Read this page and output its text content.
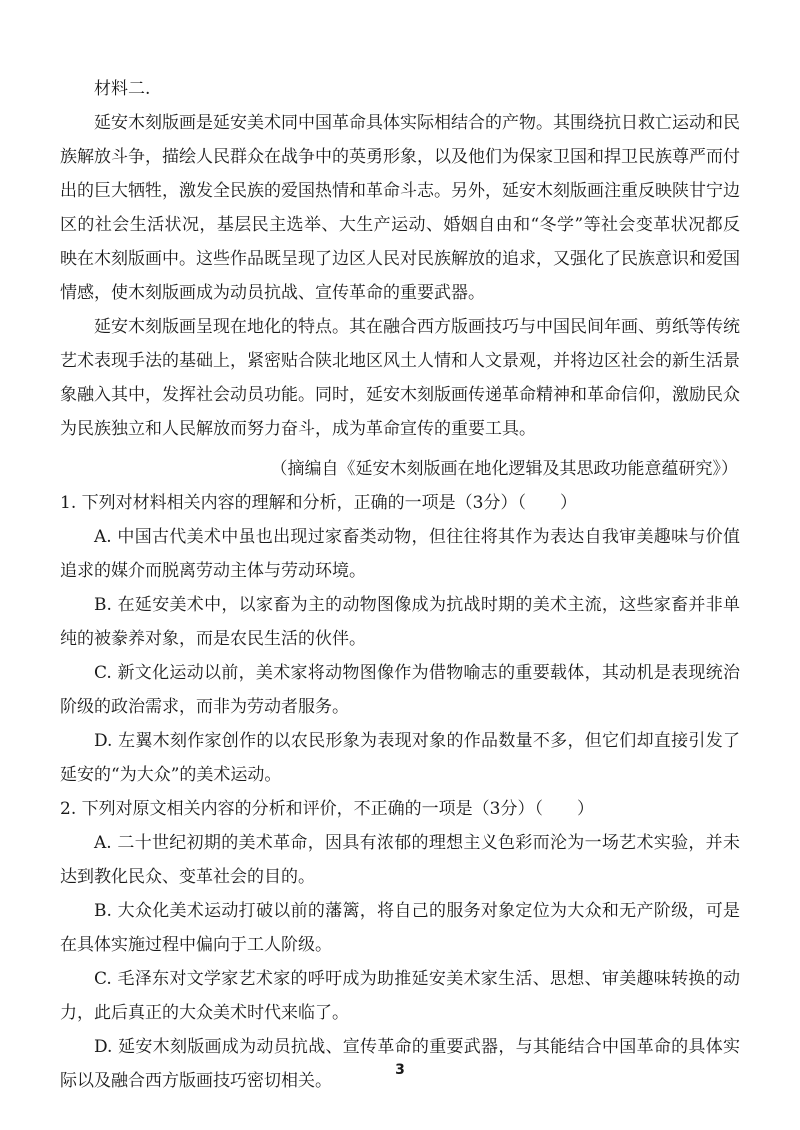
材料二.

延安木刻版画是延安美术同中国革命具体实际相结合的产物。其围绕抗日救亡运动和民族解放斗争，描绘人民群众在战争中的英勇形象，以及他们为保家卫国和捍卫民族尊严而付出的巨大牺牲，激发全民族的爱国热情和革命斗志。另外，延安木刻版画注重反映陕甘宁边区的社会生活状况，基层民主选举、大生产运动、婚姻自由和“冬学”等社会变革状况都反映在木刻版画中。这些作品既呈现了边区人民对民族解放的追求，又强化了民族意识和爱国情感，使木刻版画成为动员抗战、宣传革命的重要武器。

延安木刻版画呈现在地化的特点。其在融合西方版画技巧与中国民间年画、剪纸等传统艺术表现手法的基础上，紧密贴合陕北地区风土人情和人文景观，并将边区社会的新生活景象融入其中，发挥社会动员功能。同时，延安木刻版画传递革命精神和革命信仰，激励民众为民族独立和人民解放而努力奋斗，成为革命宣传的重要工具。

（摘编自《延安木刻版画在地化逻辑及其思政功能意蕴研究》）

1. 下列对材料相关内容的理解和分析，正确的一项是（3分）（　　）

A. 中国古代美术中虽也出现过家畜类动物，但往往将其作为表达自我审美趣味与价值追求的媒介而脱离劳动主体与劳动环境。

B. 在延安美术中，以家畜为主的动物图像成为抗战时期的美术主流，这些家畜并非单纯的被豢养对象，而是农民生活的伙伴。

C. 新文化运动以前，美术家将动物图像作为借物喻志的重要载体，其动机是表现统治阶级的政治需求，而非为劳动者服务。

D. 左翼木刻作家创作的以农民形象为表现对象的作品数量不多，但它们却直接引发了延安的“为大众”的美术运动。

2. 下列对原文相关内容的分析和评价，不正确的一项是（3分）（　　）

A. 二十世纪初期的美术革命，因具有浓郁的理想主义色彩而沦为一场艺术实验，并未达到教化民众、变革社会的目的。

B. 大众化美术运动打破以前的藩篱，将自己的服务对象定位为大众和无产阶级，可是在具体实施过程中偏向于工人阶级。

C. 毛泽东对文学家艺术家的呼吁成为助推延安美术家生活、思想、审美趣味转换的动力，此后真正的大众美术时代来临了。

D. 延安木刻版画成为动员抗战、宣传革命的重要武器，与其能结合中国革命的具体实际以及融合西方版画技巧密切相关。

3
